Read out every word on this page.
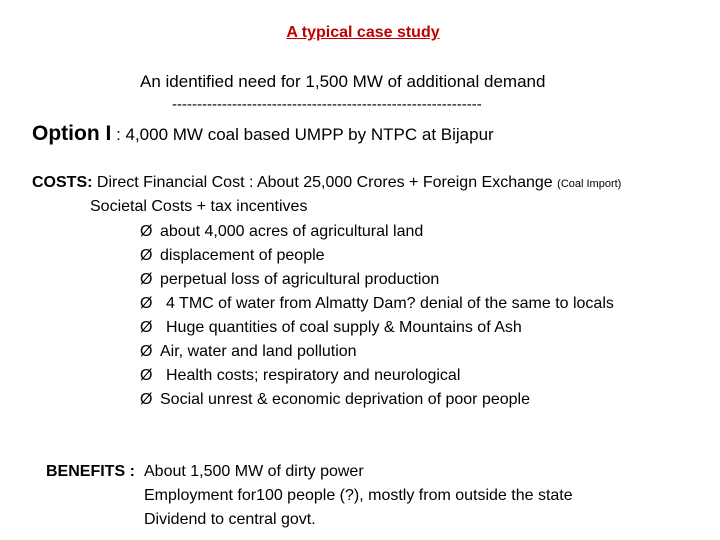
A typical case study
An identified need for 1,500 MW of additional demand
--------------------------------------------------------------
Option I : 4,000 MW coal based UMPP by NTPC at Bijapur
COSTS: Direct Financial Cost : About 25,000 Crores + Foreign Exchange (Coal Import)
Societal Costs + tax incentives
Ø about 4,000 acres of agricultural land
Ø displacement of people
Ø perpetual loss of agricultural production
Ø 4 TMC of water from Almatty Dam? denial of the same to locals
Ø Huge quantities of coal supply & Mountains of Ash
Ø Air, water and land pollution
Ø Health costs; respiratory and neurological
Ø Social unrest & economic deprivation of poor people
BENEFITS : About 1,500 MW of dirty power
Employment for100 people (?), mostly from outside the state
Dividend to central govt.
